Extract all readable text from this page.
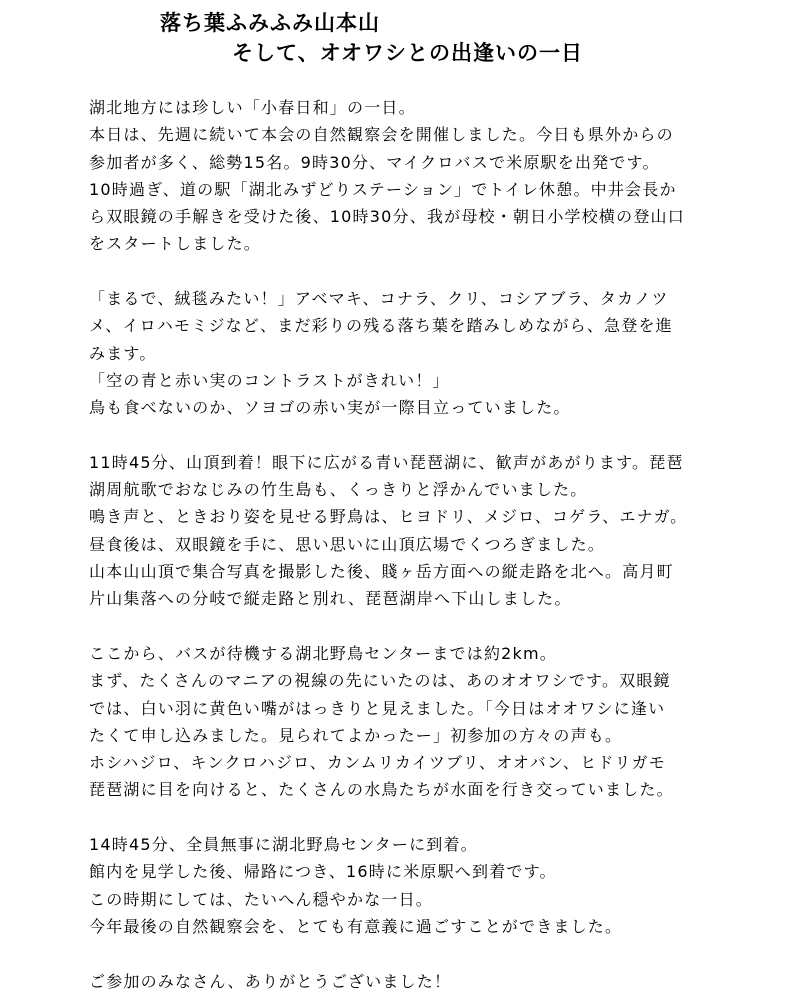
落ち葉ふみふみ山本山
そして、オオワシとの出逢いの一日
湖北地方には珍しい「小春日和」の一日。
本日は、先週に続いて本会の自然観察会を開催しました。今日も県外からの
参加者が多く、総勢15名。9時30分、マイクロバスで米原駅を出発です。
10時過ぎ、道の駅「湖北みずどりステーション」でトイレ休憩。中井会長か
ら双眼鏡の手解きを受けた後、10時30分、我が母校・朝日小学校横の登山口
をスタートしました。
「まるで、絨毯みたい！」アベマキ、コナラ、クリ、コシアブラ、タカノツ
メ、イロハモミジなど、まだ彩りの残る落ち葉を踏みしめながら、急登を進
みます。
「空の青と赤い実のコントラストがきれい！」
鳥も食べないのか、ソヨゴの赤い実が一際目立っていました。
11時45分、山頂到着！眼下に広がる青い琵琶湖に、歓声があがります。琵琶
湖周航歌でおなじみの竹生島も、くっきりと浮かんでいました。
鳴き声と、ときおり姿を見せる野鳥は、ヒヨドリ、メジロ、コゲラ、エナガ。
昼食後は、双眼鏡を手に、思い思いに山頂広場でくつろぎました。
山本山山頂で集合写真を撮影した後、賤ヶ岳方面への縦走路を北へ。高月町
片山集落への分岐で縦走路と別れ、琵琶湖岸へ下山しました。
ここから、バスが待機する湖北野鳥センターまでは約2km。
まず、たくさんのマニアの視線の先にいたのは、あのオオワシです。双眼鏡
では、白い羽に黄色い嘴がはっきりと見えました。「今日はオオワシに逢い
たくて申し込みました。見られてよかったー」初参加の方々の声も。
ホシハジロ、キンクロハジロ、カンムリカイツブリ、オオバン、ヒドリガモ
琵琶湖に目を向けると、たくさんの水鳥たちが水面を行き交っていました。
14時45分、全員無事に湖北野鳥センターに到着。
館内を見学した後、帰路につき、16時に米原駅へ到着です。
この時期にしては、たいへん穏やかな一日。
今年最後の自然観察会を、とても有意義に過ごすことができました。
ご参加のみなさん、ありがとうございました！
